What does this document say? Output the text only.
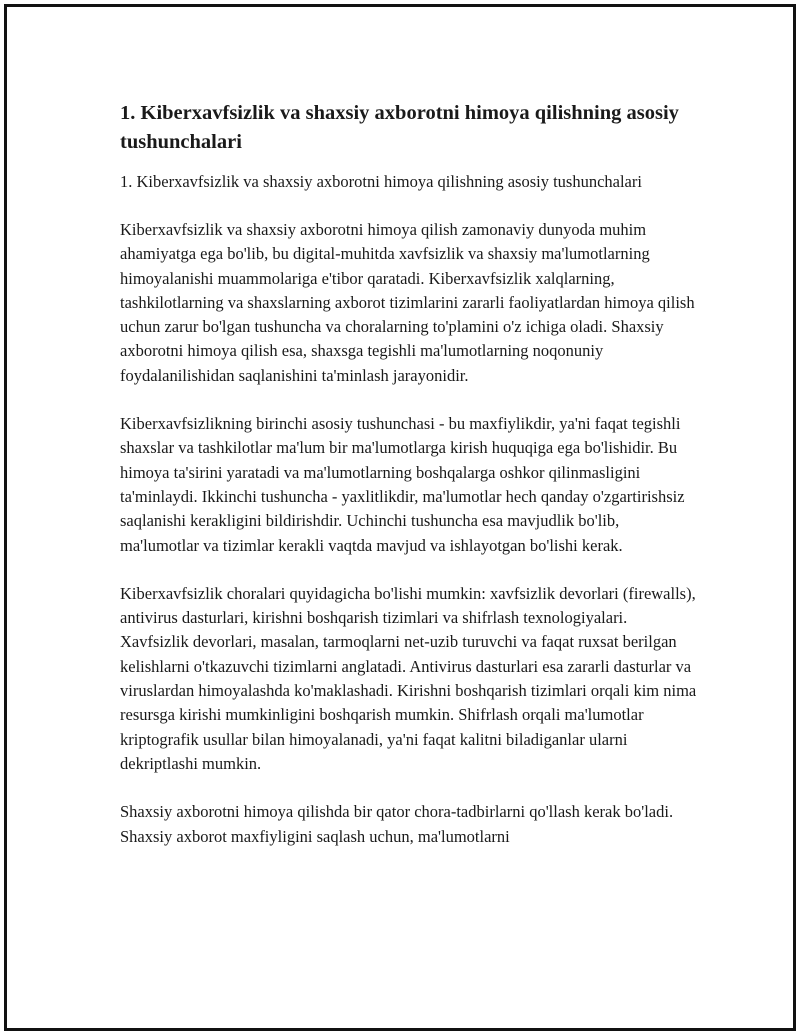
1. Kiberxavfsizlik va shaxsiy axborotni himoya qilishning asosiy tushunchalari

1. Kiberxavfsizlik va shaxsiy axborotni himoya qilishning asosiy tushunchalari

Kiberxavfsizlik va shaxsiy axborotni himoya qilish zamonaviy dunyoda muhim ahamiyatga ega bo'lib, bu digital-muhitda xavfsizlik va shaxsiy ma'lumotlarning himoyalanishi muammolariga e'tibor qaratadi. Kiberxavfsizlik xalqlarning, tashkilotlarning va shaxslarning axborot tizimlarini zararli faoliyatlardan himoya qilish uchun zarur bo'lgan tushuncha va choralarning to'plamini o'z ichiga oladi. Shaxsiy axborotni himoya qilish esa, shaxsga tegishli ma'lumotlarning noqonuniy foydalanilishidan saqlanishini ta'minlash jarayonidir.

Kiberxavfsizlikning birinchi asosiy tushunchasi - bu maxfiylikdir, ya'ni faqat tegishli shaxslar va tashkilotlar ma'lum bir ma'lumotlarga kirish huquqiga ega bo'lishidir. Bu himoya ta'sirini yaratadi va ma'lumotlarning boshqalarga oshkor qilinmasligini ta'minlaydi. Ikkinchi tushuncha - yaxlitlikdir, ma'lumotlar hech qanday o'zgartirishsiz saqlanishi kerakligini bildirishdir. Uchinchi tushuncha esa mavjudlik bo'lib, ma'lumotlar va tizimlar kerakli vaqtda mavjud va ishlayotgan bo'lishi kerak.

Kiberxavfsizlik choralari quyidagicha bo'lishi mumkin: xavfsizlik devorlari (firewalls), antivirus dasturlari, kirishni boshqarish tizimlari va shifrlash texnologiyalari. Xavfsizlik devorlari, masalan, tarmoqlarni net-uzib turuvchi va faqat ruxsat berilgan kelishlarni o'tkazuvchi tizimlarni anglatadi. Antivirus dasturlari esa zararli dasturlar va viruslardan himoyalashda ko'maklashadi. Kirishni boshqarish tizimlari orqali kim nima resursga kirishi mumkinligini boshqarish mumkin. Shifrlash orqali ma'lumotlar kriptografik usullar bilan himoyalanadi, ya'ni faqat kalitni biladiganlar ularni dekriptlashi mumkin.

Shaxsiy axborotni himoya qilishda bir qator chora-tadbirlarni qo'llash kerak bo'ladi. Shaxsiy axborot maxfiyligini saqlash uchun, ma'lumotlarni
